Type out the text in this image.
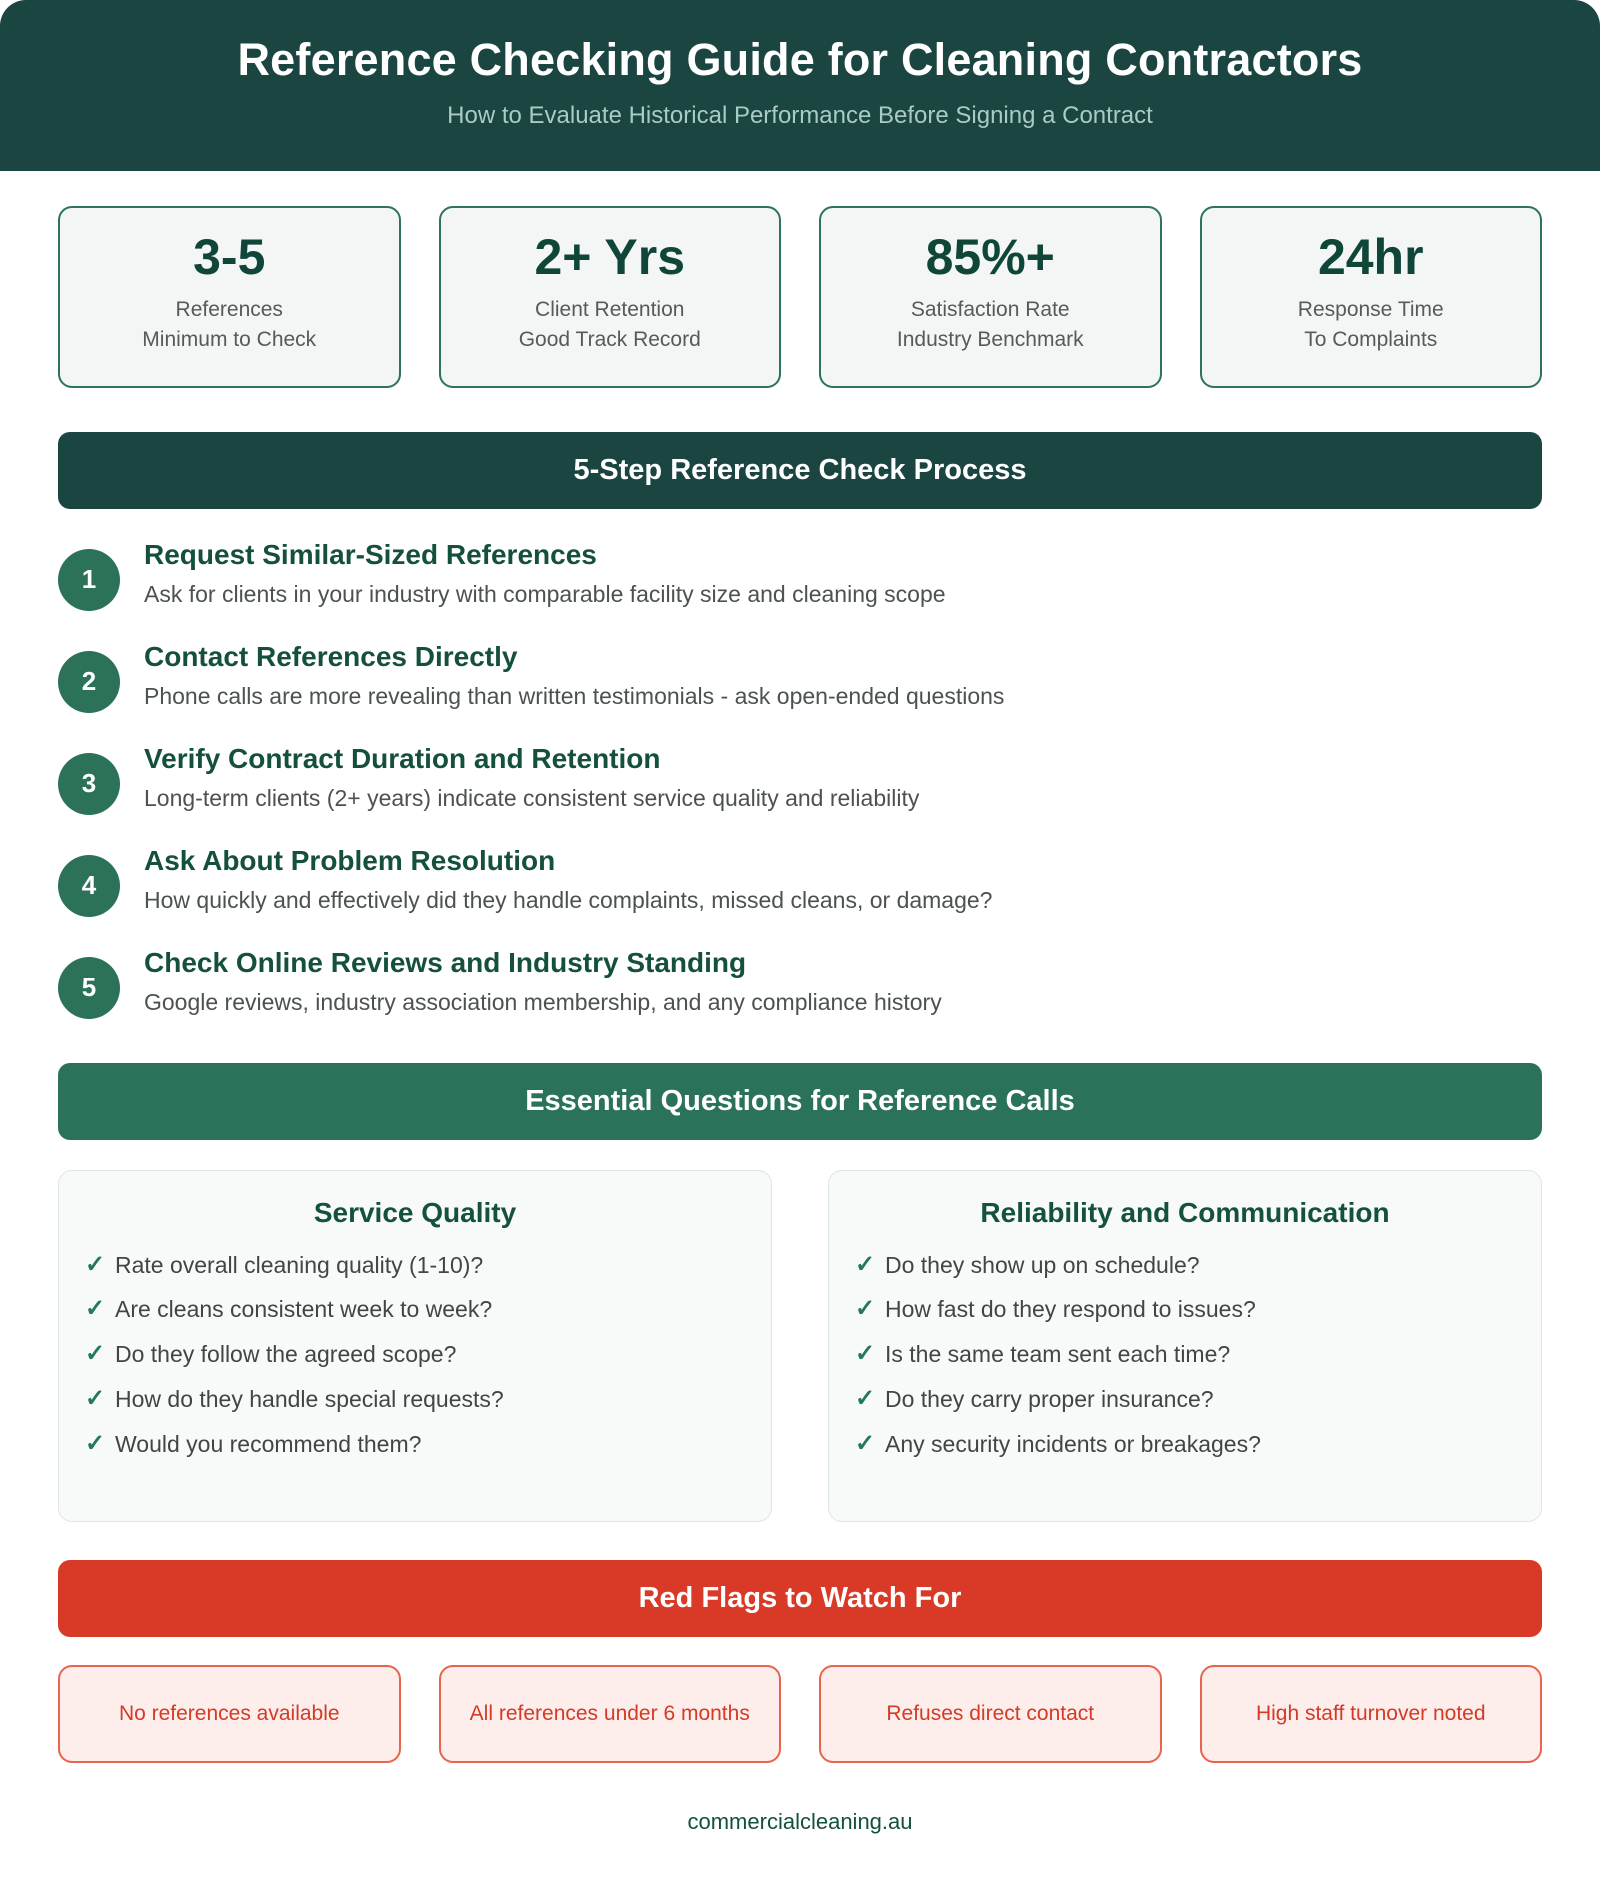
Reference Checking Guide for Cleaning Contractors

How to Evaluate Historical Performance Before Signing a Contract

3-5
References
Minimum to Check
2+ Yrs
Client Retention
Good Track Record
85%+
Satisfaction Rate
Industry Benchmark
24hr
Response Time
To Complaints
5-Step Reference Check Process
1
Request Similar-Sized References
Ask for clients in your industry with comparable facility size and cleaning scope
2
Contact References Directly
Phone calls are more revealing than written testimonials - ask open-ended questions
3
Verify Contract Duration and Retention
Long-term clients (2+ years) indicate consistent service quality and reliability
4
Ask About Problem Resolution
How quickly and effectively did they handle complaints, missed cleans, or damage?
5
Check Online Reviews and Industry Standing
Google reviews, industry association membership, and any compliance history
Essential Questions for Reference Calls
Service Quality
✓ Rate overall cleaning quality (1-10)?
✓ Are cleans consistent week to week?
✓ Do they follow the agreed scope?
✓ How do they handle special requests?
✓ Would you recommend them?
Reliability and Communication
✓ Do they show up on schedule?
✓ How fast do they respond to issues?
✓ Is the same team sent each time?
✓ Do they carry proper insurance?
✓ Any security incidents or breakages?
Red Flags to Watch For
No references available	All references under 6 months	Refuses direct contact	High staff turnover noted
commercialcleaning.au
